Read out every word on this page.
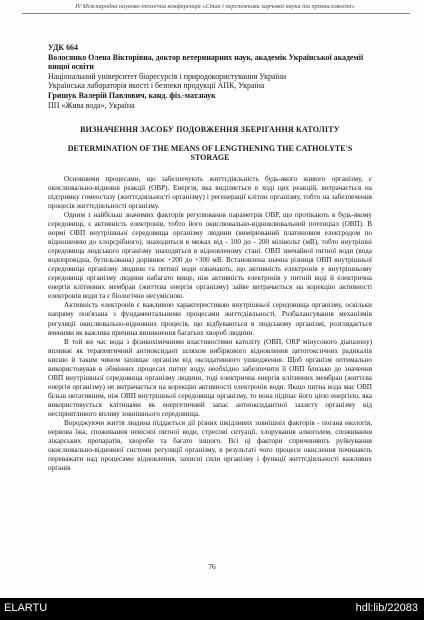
IV Міжнародна науково-технічна конференція «Стан і перспективи харчової науки та промисловості»
УДК 664
Волосянко Олена Вікторівна, доктор ветеринарних наук, академік Української академії вищої освіти
Національний університет біоресурсів і природокористування України
Українська лабораторія якості і безпеки продукції АПК, Україна
Гришук Валерій Павлович, канд. фіз.-мат.наук
ПП «Жива вода», Україна
ВИЗНАЧЕННЯ ЗАСОБУ ПОДОВЖЕННЯ ЗБЕРІГАННЯ КАТОЛІТУ
DETERMINATION OF THE MEANS OF LENGTHENING THE CATHOLYTE'S STORAGE

Основними процесами, що забезпечують життєдіяльність будь-якого живого організму, є окислювально-відновні реакції (ОВР). Енергія, яка виділяється в ході цих реакцій, витрачається на підтримку гомеостазу (життєдіяльності організму) і регенерації клітин організму, тобто на забезпечення процесів життєдіяльності організму.

Одним з найбільш значимих факторів регулювання параметрів ОВР, що протікають в будь-якому середовищі, є активність електронів, тобто його окислювально-відновлювальний потенціал (ОВП). В нормі ОВП внутрішньої середовища організму людини (вимірюваний платиновим електродом по відношенню до хлорсрібного), знаходиться в межах від - 100 до - 200 мілівольт (мВ), тобто внутрішні середовища людського організму знаходяться в відновленому стані. ОВП звичайної питної води (вода водопровідна, бутильована) дорівнює +200 до +300 мВ. Встановлена значна різниця ОВП внутрішньої середовища організму людини та питної води означають, що активність електронів у внутрішньому середовищі організму людини набагато вище, ніж активність електронів у питній воді й електрична енергія клітинних мембран (життєва енергія організму) зайве витрачається на корекцію активності електронів води та є біологічно несумісною.

Активність електронів є важливою характеристикою внутрішньої середовища організму, оскільки напряму пов'язана з фундаментальними процесами життєдіяльності. Розбалансування механізмів регуляції окислювально-відновних процесів, що відбуваються в людському організмі, розглядається вченими як важлива причина виникнення багатьох хвороб людини.

В той же час вода з фізикохімічними властивостями католіту (ОВП, ORP мінусового діапазону) впливає як терапевтичний антиоксидант шляхом вибіркового відновлення цитотоксичних радикалів кисню й таким чином захищає організм від оксидативного ушкодження. Щоб організм оптимально використовував в обмінних процесах питну воду, необхідно забезпечити її ОВП близько до значення ОВП внутрішньої середовища організму людини, тоді електрична енергія клітинних мембран (життєва енергія організму) не витрачається на корекцію активності електронів води. Якщо питна вода має ОВП більш негативним, ніж ОВП внутрішньої середовища організму, то вона підіпає його цією енергією, яка використовується клітинами як енергетичний запас антиоксидантної захисту організму від несприятливого впливу зовнішнього середовища.

Вороджуючи життя людина піддається дії різних шкідливих зовнішніх факторів - погана екологія, нервова їжа, споживання невісної питної води, стресові ситуації, хлорування алкоголем, споживання лікарських препаратів, хвороби та багато іншого. Всі ці фактори спричиняють руйнування окислювально-відновної системи регуляції організму, в результаті чого процеси окислення починають переважати над процесами відновлення, захисні сили організму і функції життєдіяльності важливих органів

76
ELARTU	hdl:lib/22083
